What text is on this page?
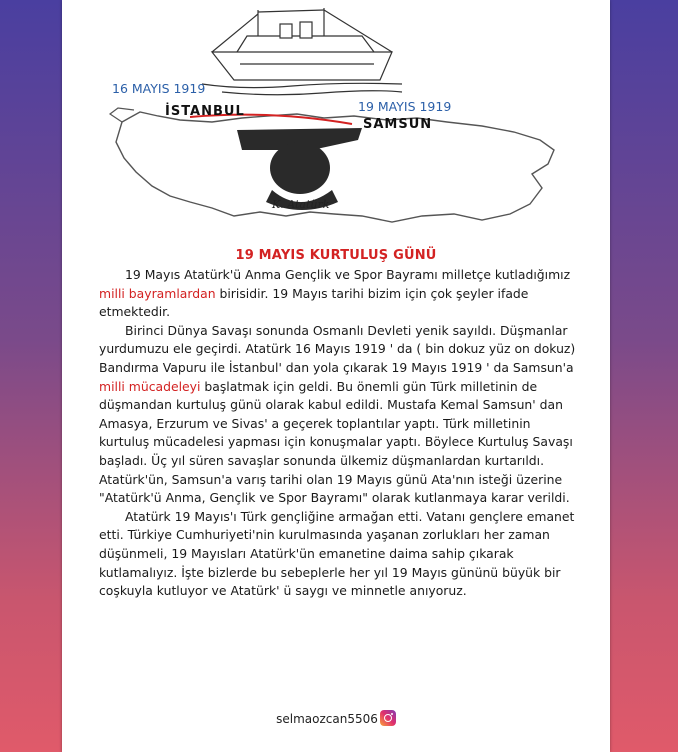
K. Atatürk
16 MAYIS 1919
İSTANBUL	19 MAYIS 1919
SAMSUN
19 MAYIS KURTULUŞ GÜNÜ

19 Mayıs Atatürk'ü Anma Gençlik ve Spor Bayramı milletçe kutladığımız milli bayramlardan birisidir. 19 Mayıs tarihi bizim için çok şeyler ifade etmektedir.

Birinci Dünya Savaşı sonunda Osmanlı Devleti yenik sayıldı. Düşmanlar yurdumuzu ele geçirdi. Atatürk 16 Mayıs 1919 ' da ( bin dokuz yüz on dokuz) Bandırma Vapuru ile İstanbul' dan yola çıkarak 19 Mayıs 1919 ' da Samsun'a milli mücadeleyi başlatmak için geldi. Bu önemli gün Türk milletinin de düşmandan kurtuluş günü olarak kabul edildi. Mustafa Kemal Samsun' dan Amasya, Erzurum ve Sivas' a geçerek toplantılar yaptı. Türk milletinin kurtuluş mücadelesi yapması için konuşmalar yaptı. Böylece Kurtuluş Savaşı başladı. Üç yıl süren savaşlar sonunda ülkemiz düşmanlardan kurtarıldı. Atatürk'ün, Samsun'a varış tarihi olan 19 Mayıs günü Ata'nın isteği üzerine "Atatürk'ü Anma, Gençlik ve Spor Bayramı" olarak kutlanmaya karar verildi.

Atatürk 19 Mayıs'ı Türk gençliğine armağan etti. Vatanı gençlere emanet etti. Türkiye Cumhuriyeti'nin kurulmasında yaşanan zorlukları her zaman düşünmeli, 19 Mayısları Atatürk'ün emanetine daima sahip çıkarak kutlamalıyız. İşte bizlerde bu sebeplerle her yıl 19 Mayıs gününü büyük bir coşkuyla kutluyor ve Atatürk' ü saygı ve minnetle anıyoruz.

selmaozcan5506
